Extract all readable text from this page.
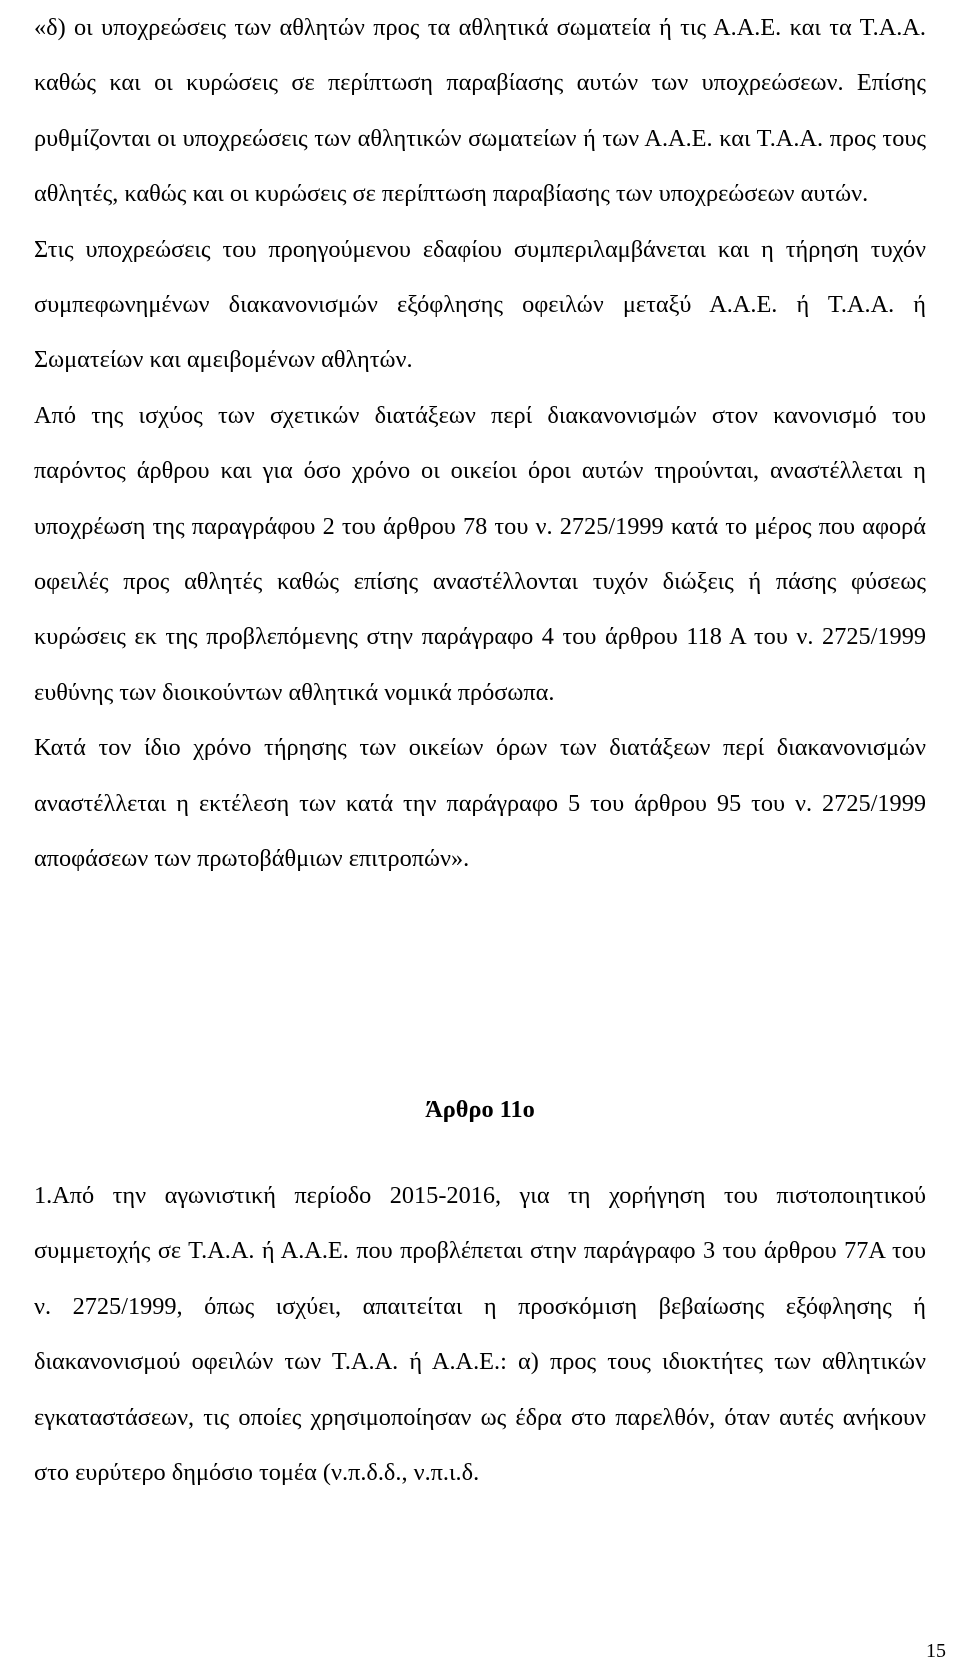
«δ) οι υποχρεώσεις των αθλητών προς τα αθλητικά σωματεία ή τις Α.Α.Ε. και τα Τ.Α.Α. καθώς και οι κυρώσεις σε περίπτωση παραβίασης αυτών των υποχρεώσεων. Επίσης ρυθμίζονται οι υποχρεώσεις των αθλητικών σωματείων ή των Α.Α.Ε. και Τ.Α.Α. προς τους αθλητές, καθώς και οι κυρώσεις σε περίπτωση παραβίασης των υποχρεώσεων αυτών.

Στις υποχρεώσεις του προηγούμενου εδαφίου συμπεριλαμβάνεται και η τήρηση τυχόν συμπεφωνημένων διακανονισμών εξόφλησης οφειλών μεταξύ Α.Α.Ε. ή Τ.Α.Α. ή Σωματείων και αμειβομένων αθλητών.

Από της ισχύος των σχετικών διατάξεων περί διακανονισμών στον κανονισμό του παρόντος άρθρου και για όσο χρόνο οι οικείοι όροι αυτών τηρούνται, αναστέλλεται η υποχρέωση της παραγράφου 2 του άρθρου 78 του ν. 2725/1999 κατά το μέρος που αφορά οφειλές προς αθλητές καθώς επίσης αναστέλλονται τυχόν διώξεις ή πάσης φύσεως κυρώσεις εκ της προβλεπόμενης στην παράγραφο 4 του άρθρου 118 Α του ν. 2725/1999 ευθύνης των διοικούντων αθλητικά νομικά πρόσωπα.

Κατά τον ίδιο χρόνο τήρησης των οικείων όρων των διατάξεων περί διακανονισμών αναστέλλεται η εκτέλεση των κατά την παράγραφο 5 του άρθρου 95 του ν. 2725/1999 αποφάσεων των πρωτοβάθμιων επιτροπών».

Άρθρο 11ο

1.Από την αγωνιστική περίοδο 2015-2016, για τη χορήγηση του πιστοποιητικού συμμετοχής σε Τ.Α.Α. ή Α.Α.Ε. που προβλέπεται στην παράγραφο 3 του άρθρου 77Α του ν. 2725/1999, όπως ισχύει, απαιτείται η προσκόμιση βεβαίωσης εξόφλησης ή διακανονισμού οφειλών των Τ.Α.Α. ή Α.Α.Ε.: α) προς τους ιδιοκτήτες των αθλητικών εγκαταστάσεων, τις οποίες χρησιμοποίησαν ως έδρα στο παρελθόν, όταν αυτές ανήκουν στο ευρύτερο δημόσιο τομέα (ν.π.δ.δ., ν.π.ι.δ.

15
